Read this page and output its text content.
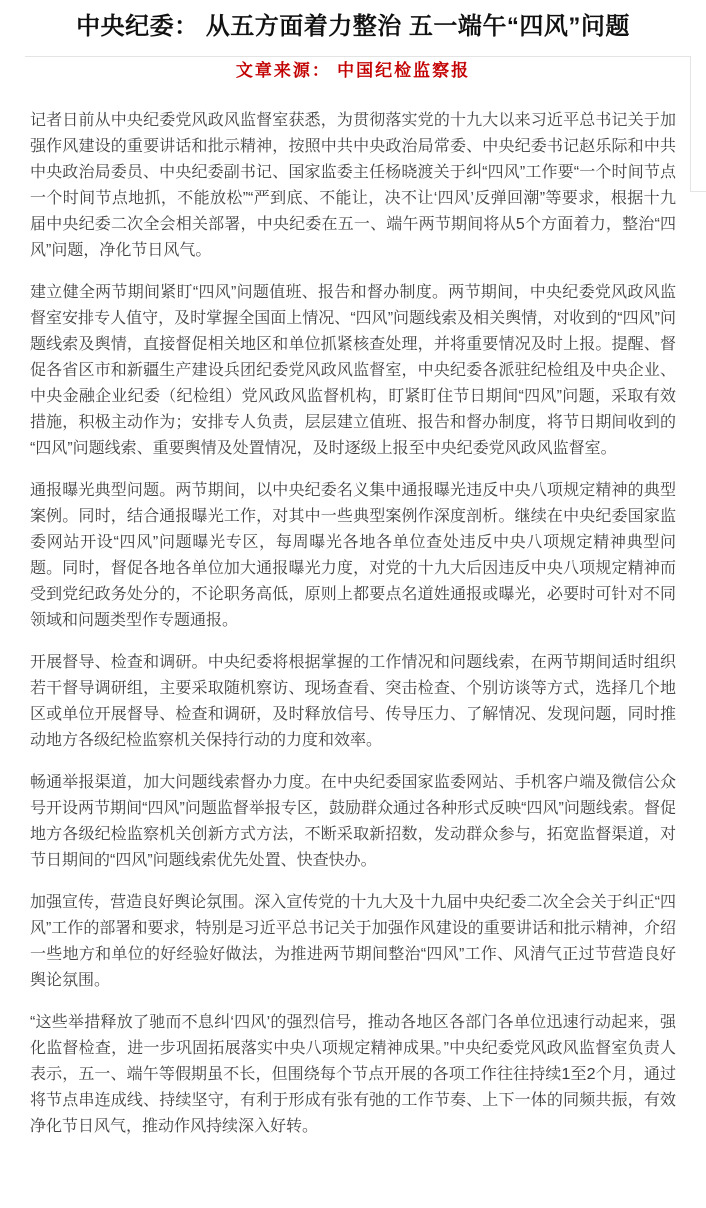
中央纪委： 从五方面着力整治 五一端午“四风”问题
文章来源： 中国纪检监察报

记者日前从中央纪委党风政风监督室获悉，为贯彻落实党的十九大以来习近平总书记关于加强作风建设的重要讲话和批示精神，按照中共中央政治局常委、中央纪委书记赵乐际和中共中央政治局委员、中央纪委副书记、国家监委主任杨晓渡关于纠“四风”工作要“一个时间节点一个时间节点地抓，不能放松”“严到底、不能让，决不让‘四风’反弹回潮”等要求，根据十九届中央纪委二次全会相关部署，中央纪委在五一、端午两节期间将从5个方面着力，整治“四风”问题，净化节日风气。

建立健全两节期间紧盯“四风”问题值班、报告和督办制度。两节期间，中央纪委党风政风监督室安排专人值守，及时掌握全国面上情况、“四风”问题线索及相关舆情，对收到的“四风”问题线索及舆情，直接督促相关地区和单位抓紧核查处理，并将重要情况及时上报。提醒、督促各省区市和新疆生产建设兵团纪委党风政风监督室，中央纪委各派驻纪检组及中央企业、中央金融企业纪委（纪检组）党风政风监督机构，盯紧盯住节日期间“四风”问题，采取有效措施，积极主动作为；安排专人负责，层层建立值班、报告和督办制度，将节日期间收到的“四风”问题线索、重要舆情及处置情况，及时逐级上报至中央纪委党风政风监督室。

通报曝光典型问题。两节期间，以中央纪委名义集中通报曝光违反中央八项规定精神的典型案例。同时，结合通报曝光工作，对其中一些典型案例作深度剖析。继续在中央纪委国家监委网站开设“四风”问题曝光专区，每周曝光各地各单位查处违反中央八项规定精神典型问题。同时，督促各地各单位加大通报曝光力度，对党的十九大后因违反中央八项规定精神而受到党纪政务处分的，不论职务高低，原则上都要点名道姓通报或曝光，必要时可针对不同领域和问题类型作专题通报。

开展督导、检查和调研。中央纪委将根据掌握的工作情况和问题线索，在两节期间适时组织若干督导调研组，主要采取随机察访、现场查看、突击检查、个别访谈等方式，选择几个地区或单位开展督导、检查和调研，及时释放信号、传导压力、了解情况、发现问题，同时推动地方各级纪检监察机关保持行动的力度和效率。

畅通举报渠道，加大问题线索督办力度。在中央纪委国家监委网站、手机客户端及微信公众号开设两节期间“四风”问题监督举报专区，鼓励群众通过各种形式反映“四风”问题线索。督促地方各级纪检监察机关创新方式方法，不断采取新招数，发动群众参与，拓宽监督渠道，对节日期间的“四风”问题线索优先处置、快查快办。

加强宣传，营造良好舆论氛围。深入宣传党的十九大及十九届中央纪委二次全会关于纠正“四风”工作的部署和要求，特别是习近平总书记关于加强作风建设的重要讲话和批示精神，介绍一些地方和单位的好经验好做法，为推进两节期间整治“四风”工作、风清气正过节营造良好舆论氛围。

“这些举措释放了驰而不息纠‘四风’的强烈信号，推动各地区各部门各单位迅速行动起来，强化监督检查，进一步巩固拓展落实中央八项规定精神成果。”中央纪委党风政风监督室负责人表示，五一、端午等假期虽不长，但围绕每个节点开展的各项工作往往持续1至2个月，通过将节点串连成线、持续坚守，有利于形成有张有弛的工作节奏、上下一体的同频共振，有效净化节日风气，推动作风持续深入好转。
